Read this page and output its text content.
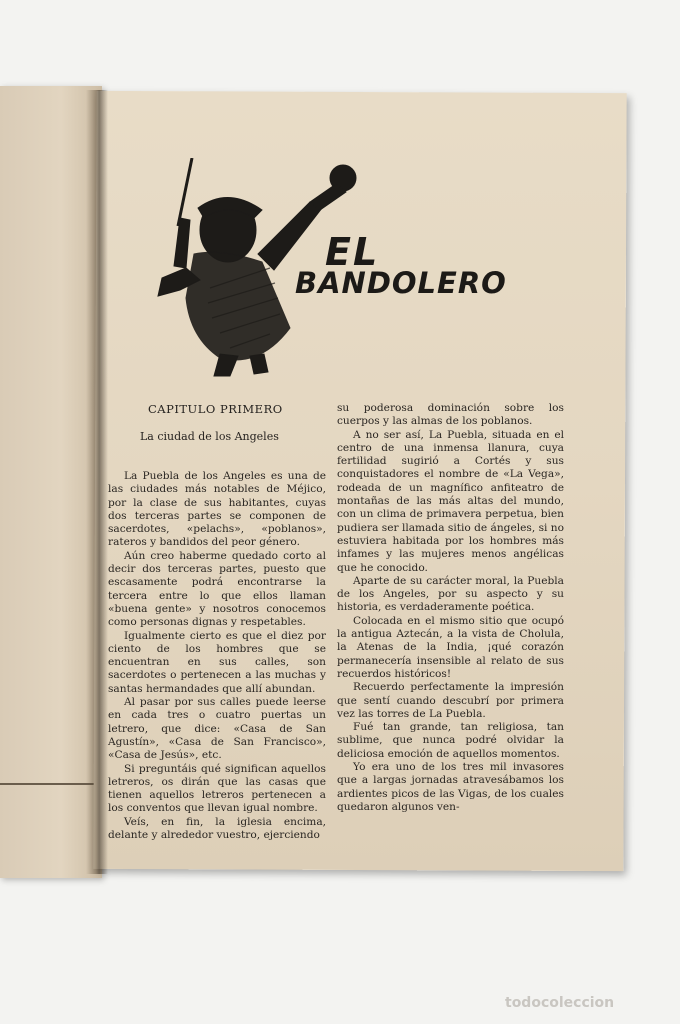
EL
BANDOLERO
CAPITULO PRIMERO
La ciudad de los Angeles

La Puebla de los Angeles es una de las ciudades más notables de Méjico, por la clase de sus habitantes, cuyas dos terceras partes se componen de sacerdotes, «pelachs», «poblanos», rateros y bandidos del peor género.

Aún creo haberme quedado corto al decir dos terceras partes, puesto que escasamente podrá encontrarse la tercera entre lo que ellos llaman «buena gente» y nosotros conocemos como personas dignas y respetables.

Igualmente cierto es que el diez por ciento de los hombres que se encuentran en sus calles, son sacerdotes o pertenecen a las muchas y santas hermandades que allí abundan.

Al pasar por sus calles puede leerse en cada tres o cuatro puertas un letrero, que dice: «Casa de San Agustín», «Casa de San Francisco», «Casa de Jesús», etc.

Si preguntáis qué significan aquellos letreros, os dirán que las casas que tienen aquellos letreros pertenecen a los conventos que llevan igual nombre.

Veís, en fin, la iglesia encima, delante y alrededor vuestro, ejerciendo

su poderosa dominación sobre los cuerpos y las almas de los poblanos.

A no ser así, La Puebla, situada en el centro de una inmensa llanura, cuya fertilidad sugirió a Cortés y sus conquistadores el nombre de «La Vega», rodeada de un magnífico anfiteatro de montañas de las más altas del mundo, con un clima de primavera perpetua, bien pudiera ser llamada sitio de ángeles, si no estuviera habitada por los hombres más infames y las mujeres menos angélicas que he conocido.

Aparte de su carácter moral, la Puebla de los Angeles, por su aspecto y su historia, es verdaderamente poética.

Colocada en el mismo sitio que ocupó la antigua Aztecán, a la vista de Cholula, la Atenas de la India, ¡qué corazón permanecería insensible al relato de sus recuerdos históricos!

Recuerdo perfectamente la impresión que sentí cuando descubrí por primera vez las torres de La Puebla.

Fué tan grande, tan religiosa, tan sublime, que nunca podré olvidar la deliciosa emoción de aquellos momentos.

Yo era uno de los tres mil invasores que a largas jornadas atravesábamos los ardientes picos de las Vigas, de los cuales quedaron algunos ven-

todocoleccion
